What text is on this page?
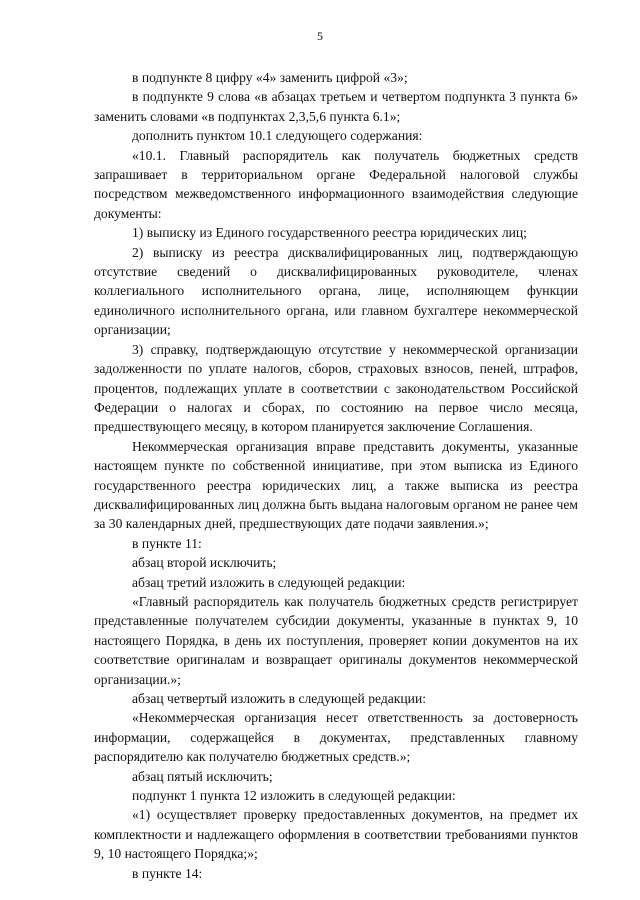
5

в подпункте 8 цифру «4» заменить цифрой «3»;

в подпункте 9 слова «в абзацах третьем и четвертом подпункта 3 пункта 6» заменить словами «в подпунктах 2,3,5,6 пункта 6.1»;

дополнить пунктом 10.1 следующего содержания:

«10.1. Главный распорядитель как получатель бюджетных средств запрашивает в территориальном органе Федеральной налоговой службы посредством межведомственного информационного взаимодействия следующие документы:

1) выписку из Единого государственного реестра юридических лиц;

2) выписку из реестра дисквалифицированных лиц, подтверждающую отсутствие сведений о дисквалифицированных руководителе, членах коллегиального исполнительного органа, лице, исполняющем функции единоличного исполнительного органа, или главном бухгалтере некоммерческой организации;

3) справку, подтверждающую отсутствие у некоммерческой организации задолженности по уплате налогов, сборов, страховых взносов, пеней, штрафов, процентов, подлежащих уплате в соответствии с законодательством Российской Федерации о налогах и сборах, по состоянию на первое число месяца, предшествующего месяцу, в котором планируется заключение Соглашения.

Некоммерческая организация вправе представить документы, указанные настоящем пункте по собственной инициативе, при этом выписка из Единого государственного реестра юридических лиц, а также выписка из реестра дисквалифицированных лиц должна быть выдана налоговым органом не ранее чем за 30 календарных дней, предшествующих дате подачи заявления.»;

в пункте 11:

абзац второй исключить;

абзац третий изложить в следующей редакции:

«Главный распорядитель как получатель бюджетных средств регистрирует представленные получателем субсидии документы, указанные в пунктах 9, 10 настоящего Порядка, в день их поступления, проверяет копии документов на их соответствие оригиналам и возвращает оригиналы документов некоммерческой организации.»;

абзац четвертый изложить в следующей редакции:

«Некоммерческая организация несет ответственность за достоверность информации, содержащейся в документах, представленных главному распорядителю как получателю бюджетных средств.»;

абзац пятый исключить;

подпункт 1 пункта 12 изложить в следующей редакции:

«1) осуществляет проверку предоставленных документов, на предмет их комплектности и надлежащего оформления в соответствии требованиями пунктов 9, 10 настоящего Порядка;»;

в пункте 14:
